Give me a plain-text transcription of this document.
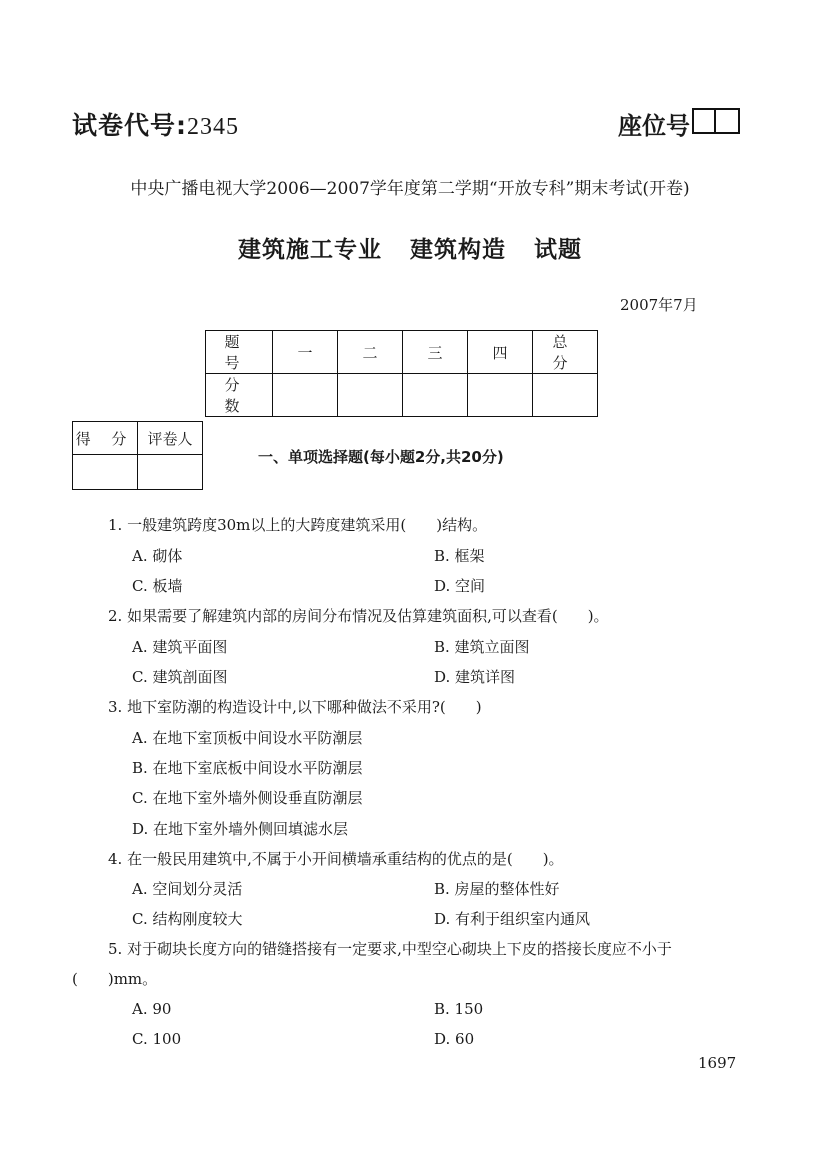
试卷代号:2345	座位号
中央广播电视大学2006—2007学年度第二学期“开放专科”期末考试(开卷)
建筑施工专业 建筑构造 试题
2007年7月
题 号	一	二	三	四	总 分
分 数					
得 分	评卷人

一、单项选择题(每小题2分,共20分)
1. 一般建筑跨度30m以上的大跨度建筑采用(　　)结构。
A. 砌体	B. 框架
C. 板墙	D. 空间
2. 如果需要了解建筑内部的房间分布情况及估算建筑面积,可以查看(　　)。
A. 建筑平面图	B. 建筑立面图
C. 建筑剖面图	D. 建筑详图
3. 地下室防潮的构造设计中,以下哪种做法不采用?(　　)
A. 在地下室顶板中间设水平防潮层
B. 在地下室底板中间设水平防潮层
C. 在地下室外墙外侧设垂直防潮层
D. 在地下室外墙外侧回填滤水层
4. 在一般民用建筑中,不属于小开间横墙承重结构的优点的是(　　)。
A. 空间划分灵活	B. 房屋的整体性好
C. 结构刚度较大	D. 有利于组织室内通风
5. 对于砌块长度方向的错缝搭接有一定要求,中型空心砌块上下皮的搭接长度应不小于
(　　)mm。
A. 90	B. 150
C. 100	D. 60
1697
